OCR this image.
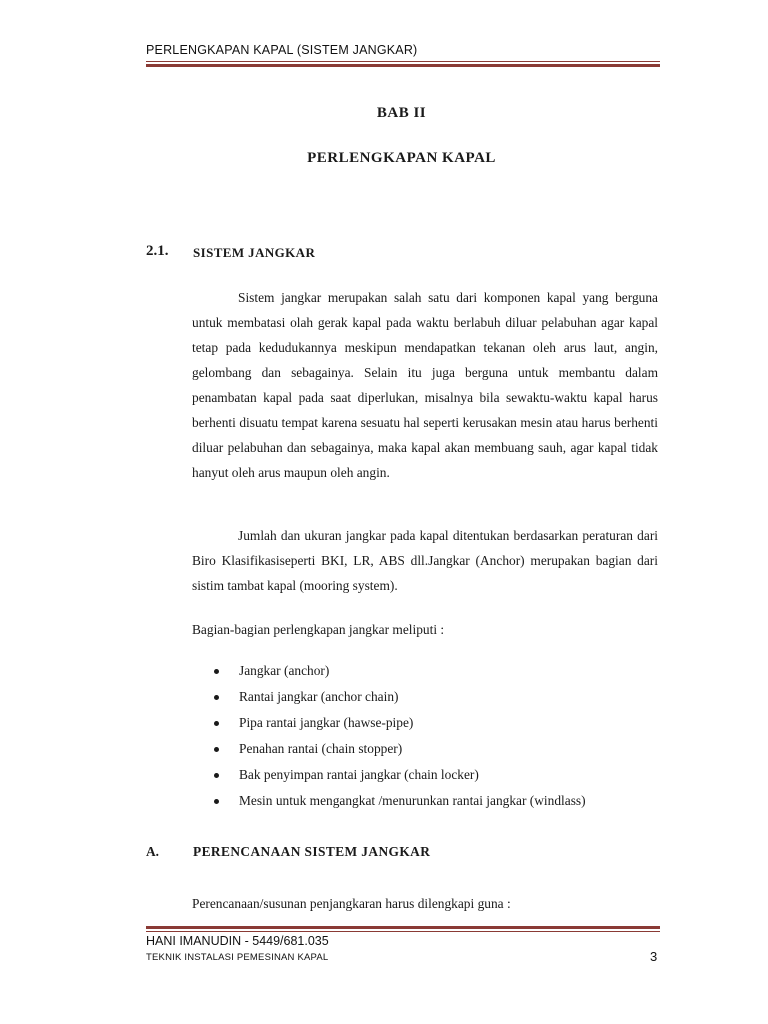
PERLENGKAPAN KAPAL (SISTEM JANGKAR)
BAB II
PERLENGKAPAN KAPAL
2.1. SISTEM JANGKAR

Sistem jangkar merupakan salah satu dari komponen kapal yang berguna untuk membatasi olah gerak kapal pada waktu berlabuh diluar pelabuhan agar kapal tetap pada kedudukannya meskipun mendapatkan tekanan oleh arus laut, angin, gelombang dan sebagainya. Selain itu juga berguna untuk membantu dalam penambatan kapal pada saat diperlukan, misalnya bila sewaktu-waktu kapal harus berhenti disuatu tempat karena sesuatu hal seperti kerusakan mesin atau harus berhenti diluar pelabuhan dan sebagainya, maka kapal akan membuang sauh, agar kapal tidak hanyut oleh arus maupun oleh angin.

Jumlah dan ukuran jangkar pada kapal ditentukan berdasarkan peraturan dari Biro Klasifikasiseperti BKI, LR, ABS dll.Jangkar (Anchor) merupakan bagian dari sistim tambat kapal (mooring system).

Bagian-bagian perlengkapan jangkar meliputi :

Jangkar (anchor)
Rantai jangkar (anchor chain)
Pipa rantai jangkar (hawse-pipe)
Penahan rantai (chain stopper)
Bak penyimpan rantai jangkar (chain locker)
Mesin untuk mengangkat /menurunkan rantai jangkar (windlass)
A.	PERENCANAAN SISTEM JANGKAR

Perencanaan/susunan penjangkaran harus dilengkapi guna :

HANI IMANUDIN - 5449/681.035
TEKNIK INSTALASI PEMESINAN KAPAL	3
